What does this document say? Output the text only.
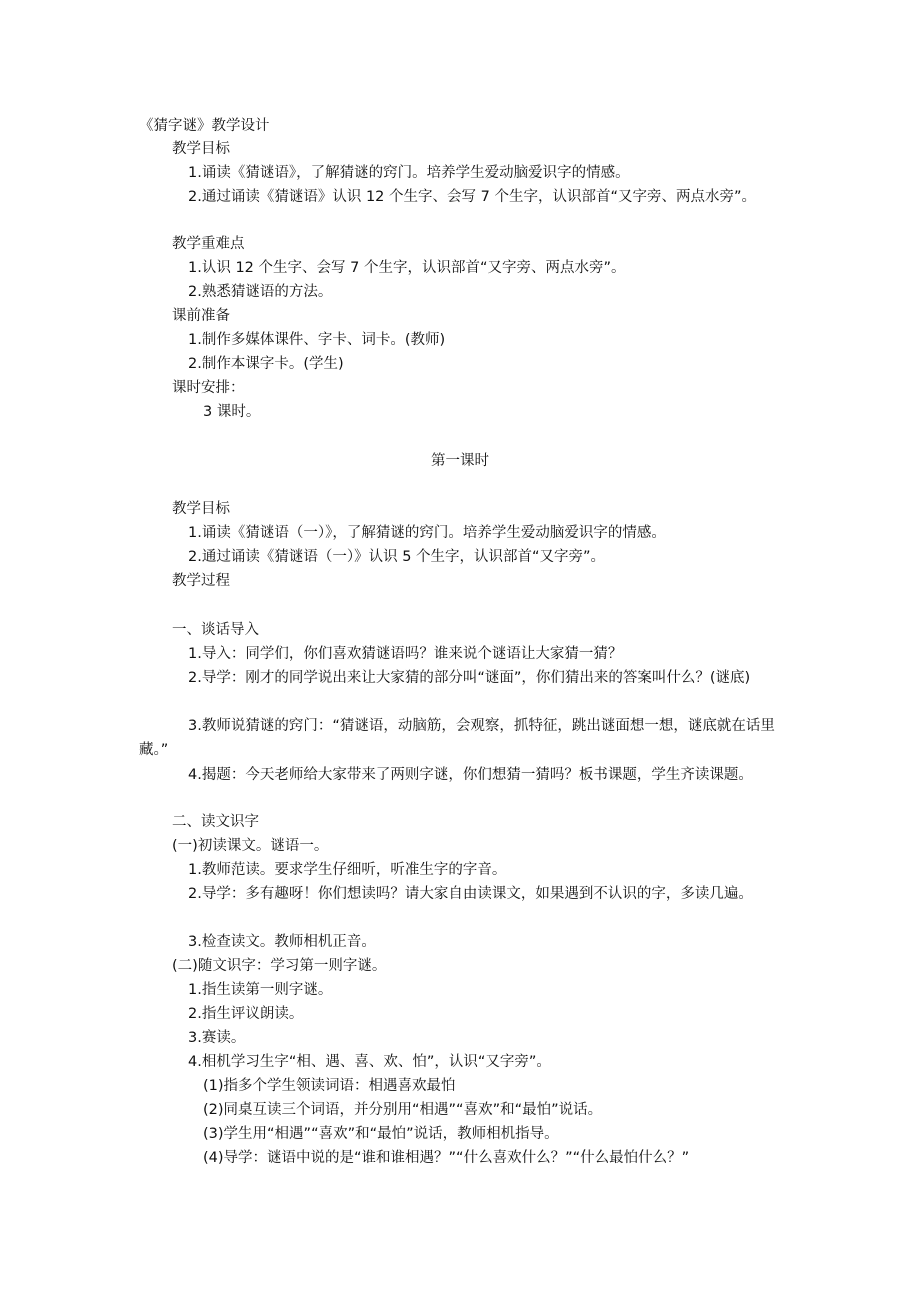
《猜字谜》教学设计
教学目标
1.诵读《猜谜语》，了解猜谜的窍门。培养学生爱动脑爱识字的情感。
2.通过诵读《猜谜语》认识 12 个生字、会写 7 个生字，认识部首“又字旁、两点水旁”。
教学重难点
1.认识 12 个生字、会写 7 个生字，认识部首“又字旁、两点水旁”。
2.熟悉猜谜语的方法。
课前准备
1.制作多媒体课件、字卡、词卡。(教师)
2.制作本课字卡。(学生)
课时安排：
3 课时。
第一课时
教学目标
1.诵读《猜谜语（一）》，了解猜谜的窍门。培养学生爱动脑爱识字的情感。
2.通过诵读《猜谜语（一）》认识 5 个生字，认识部首“又字旁”。
教学过程
一、谈话导入
1.导入：同学们，你们喜欢猜谜语吗？谁来说个谜语让大家猜一猜？
2.导学：刚才的同学说出来让大家猜的部分叫“谜面”，你们猜出来的答案叫什么？(谜底)
3.教师说猜谜的窍门：“猜谜语，动脑筋，会观察，抓特征，跳出谜面想一想，谜底就在话里藏。”
4.揭题：今天老师给大家带来了两则字谜，你们想猜一猜吗？板书课题，学生齐读课题。
二、读文识字
(一)初读课文。谜语一。
1.教师范读。要求学生仔细听，听准生字的字音。
2.导学：多有趣呀！你们想读吗？请大家自由读课文，如果遇到不认识的字，多读几遍。
3.检查读文。教师相机正音。
(二)随文识字：学习第一则字谜。
1.指生读第一则字谜。
2.指生评议朗读。
3.赛读。
4.相机学习生字“相、遇、喜、欢、怕”，认识“又字旁”。
(1)指多个学生领读词语：相遇喜欢最怕
(2)同桌互读三个词语，并分别用“相遇”“喜欢”和“最怕”说话。
(3)学生用“相遇”“喜欢”和“最怕”说话，教师相机指导。
(4)导学：谜语中说的是“谁和谁相遇？”“什么喜欢什么？”“什么最怕什么？”
